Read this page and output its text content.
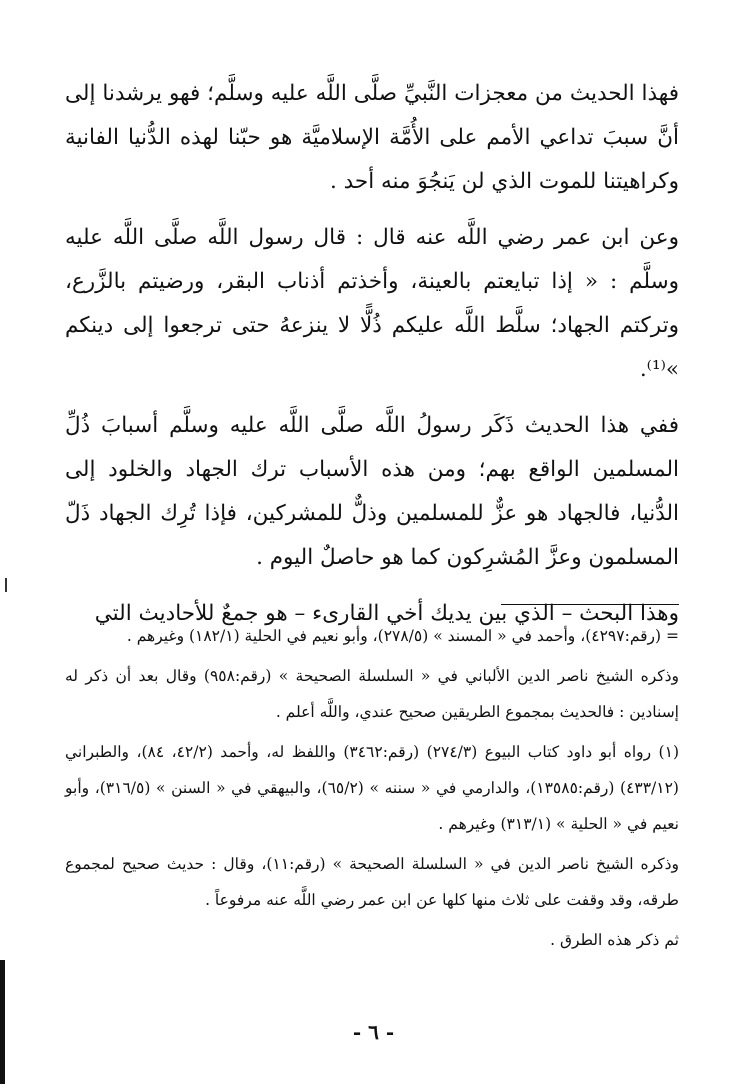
فهذا الحديث من معجزات النَّبيِّ صلَّى اللَّه عليه وسلَّم؛ فهو يرشدنا إلى أنَّ سببَ تداعي الأمم على الأُمَّة الإسلاميَّة هو حبّنا لهذه الدُّنيا الفانية وكراهيتنا للموت الذي لن يَنجُوَ منه أحد .

وعن ابن عمر رضي اللَّه عنه قال : قال رسول اللَّه صلَّى اللَّه عليه وسلَّم : « إذا تبايعتم بالعينة، وأخذتم أذناب البقر، ورضيتم بالزَّرع، وتركتم الجهاد؛ سلَّط اللَّه عليكم ذُلًّا لا ينزعهُ حتى ترجعوا إلى دينكم »⁽¹⁾.

ففي هذا الحديث ذَكَر رسولُ اللَّه صلَّى اللَّه عليه وسلَّم أسبابَ ذُلِّ المسلمين الواقع بهم؛ ومن هذه الأسباب ترك الجهاد والخلود إلى الدُّنيا، فالجهاد هو عزٌّ للمسلمين وذلٌّ للمشركين، فإذا تُرِك الجهاد ذَلّ المسلمون وعزَّ المُشرِكون كما هو حاصلٌ اليوم .

وهذا البحث – الذي بين يديك أخي القارىء – هو جمعٌ للأحاديث التي

= (رقم:٤٢٩٧)، وأحمد في « المسند » (٢٧٨/٥)، وأبو نعيم في الحلية (١٨٢/١) وغيرهم .

وذكره الشيخ ناصر الدين الألباني في « السلسلة الصحيحة » (رقم:٩٥٨) وقال بعد أن ذكر له إسنادين : فالحديث بمجموع الطريقين صحيح عندي، واللَّه أعلم .

(١) رواه أبو داود كتاب البيوع (٢٧٤/٣) (رقم:٣٤٦٢) واللفظ له، وأحمد (٤٢/٢، ٨٤)، والطبراني (٤٣٣/١٢) (رقم:١٣٥٨٥)، والدارمي في « سننه » (٦٥/٢)، والبيهقي في « السنن » (٣١٦/٥)، وأبو نعيم في « الحلية » (٣١٣/١) وغيرهم .

وذكره الشيخ ناصر الدين في « السلسلة الصحيحة » (رقم:١١)، وقال : حديث صحيح لمجموع طرقه، وقد وقفت على ثلاث منها كلها عن ابن عمر رضي اللَّه عنه مرفوعاً .

ثم ذكر هذه الطرق .

- ٦ -
